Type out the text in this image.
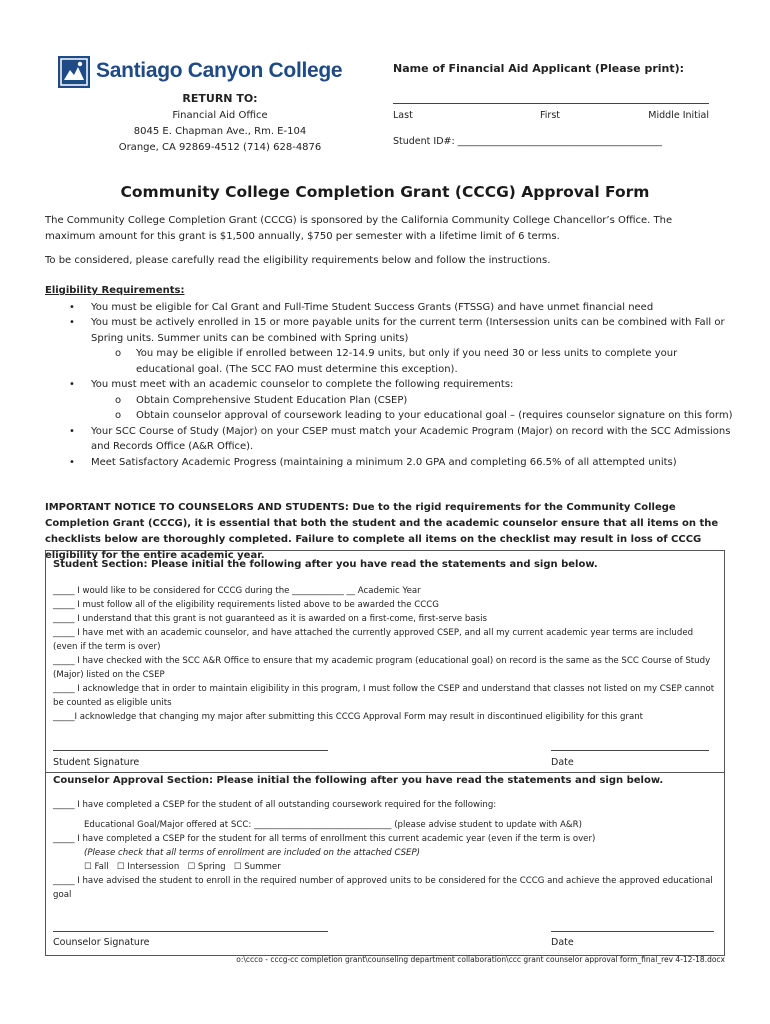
Santiago Canyon College
RETURN TO:
Financial Aid Office
8045 E. Chapman Ave., Rm. E-104
Orange, CA 92869-4512 (714) 628-4876
Name of Financial Aid Applicant (Please print):
Last	First	Middle Initial
Student ID#: ___________________________________________
Community College Completion Grant (CCCG) Approval Form
The Community College Completion Grant (CCCG) is sponsored by the California Community College Chancellor’s Office. The maximum amount for this grant is $1,500 annually, $750 per semester with a lifetime limit of 6 terms.
To be considered, please carefully read the eligibility requirements below and follow the instructions.
Eligibility Requirements:
• You must be eligible for Cal Grant and Full-Time Student Success Grants (FTSSG) and have unmet financial need
• You must be actively enrolled in 15 or more payable units for the current term (Intersession units can be combined with Fall or Spring units. Summer units can be combined with Spring units)
o You may be eligible if enrolled between 12-14.9 units, but only if you need 30 or less units to complete your educational goal. (The SCC FAO must determine this exception).
• You must meet with an academic counselor to complete the following requirements:
o Obtain Comprehensive Student Education Plan (CSEP)
o Obtain counselor approval of coursework leading to your educational goal – (requires counselor signature on this form)
• Your SCC Course of Study (Major) on your CSEP must match your Academic Program (Major) on record with the SCC Admissions and Records Office (A&R Office).
• Meet Satisfactory Academic Progress (maintaining a minimum 2.0 GPA and completing 66.5% of all attempted units)
IMPORTANT NOTICE TO COUNSELORS AND STUDENTS: Due to the rigid requirements for the Community College Completion Grant (CCCG), it is essential that both the student and the academic counselor ensure that all items on the checklists below are thoroughly completed. Failure to complete all items on the checklist may result in loss of CCCG eligibility for the entire academic year.
Student Section: Please initial the following after you have read the statements and sign below.
_____ I would like to be considered for CCCG during the ____________ __ Academic Year
_____ I must follow all of the eligibility requirements listed above to be awarded the CCCG
_____ I understand that this grant is not guaranteed as it is awarded on a first-come, first-serve basis
_____ I have met with an academic counselor, and have attached the currently approved CSEP, and all my current academic year terms are included (even if the term is over)
_____ I have checked with the SCC A&R Office to ensure that my academic program (educational goal) on record is the same as the SCC Course of Study (Major) listed on the CSEP
_____ I acknowledge that in order to maintain eligibility in this program, I must follow the CSEP and understand that classes not listed on my CSEP cannot be counted as eligible units
_____I acknowledge that changing my major after submitting this CCCG Approval Form may result in discontinued eligibility for this grant
Student Signature	Date
Counselor Approval Section: Please initial the following after you have read the statements and sign below.
_____ I have completed a CSEP for the student of all outstanding coursework required for the following:
Educational Goal/Major offered at SCC: ________________________________ (please advise student to update with A&R)
_____ I have completed a CSEP for the student for all terms of enrollment this current academic year (even if the term is over)
(Please check that all terms of enrollment are included on the attached CSEP)
☐ Fall ☐ Intersession ☐ Spring ☐ Summer
_____ I have advised the student to enroll in the required number of approved units to be considered for the CCCG and achieve the approved educational goal
Counselor Signature	Date
o:\ccco - cccg-cc completion grant\counseling department collaboration\ccc grant counselor approval form_final_rev 4-12-18.docx
